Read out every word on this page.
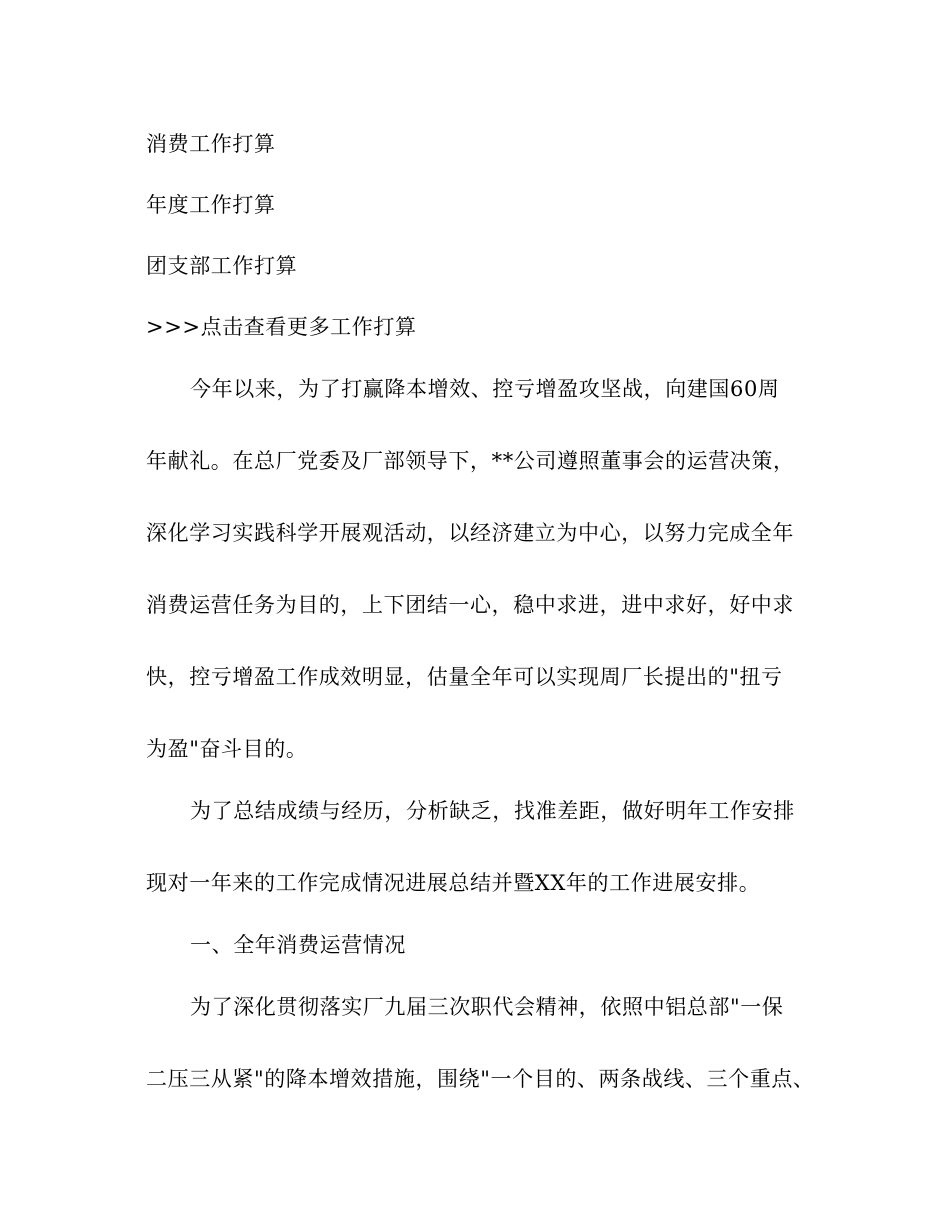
消费工作打算
年度工作打算
团支部工作打算
>>>点击查看更多工作打算
今年以来，为了打赢降本增效、控亏增盈攻坚战，向建国60周
年献礼。在总厂党委及厂部领导下，**公司遵照董事会的运营决策，
深化学习实践科学开展观活动，以经济建立为中心，以努力完成全年
消费运营任务为目的，上下团结一心，稳中求进，进中求好，好中求
快，控亏增盈工作成效明显，估量全年可以实现周厂长提出的"扭亏
为盈"奋斗目的。
为了总结成绩与经历，分析缺乏，找准差距，做好明年工作安排
现对一年来的工作完成情况进展总结并暨XX年的工作进展安排。
一、全年消费运营情况
为了深化贯彻落实厂九届三次职代会精神，依照中铝总部"一保
二压三从紧"的降本增效措施，围绕"一个目的、两条战线、三个重点、
